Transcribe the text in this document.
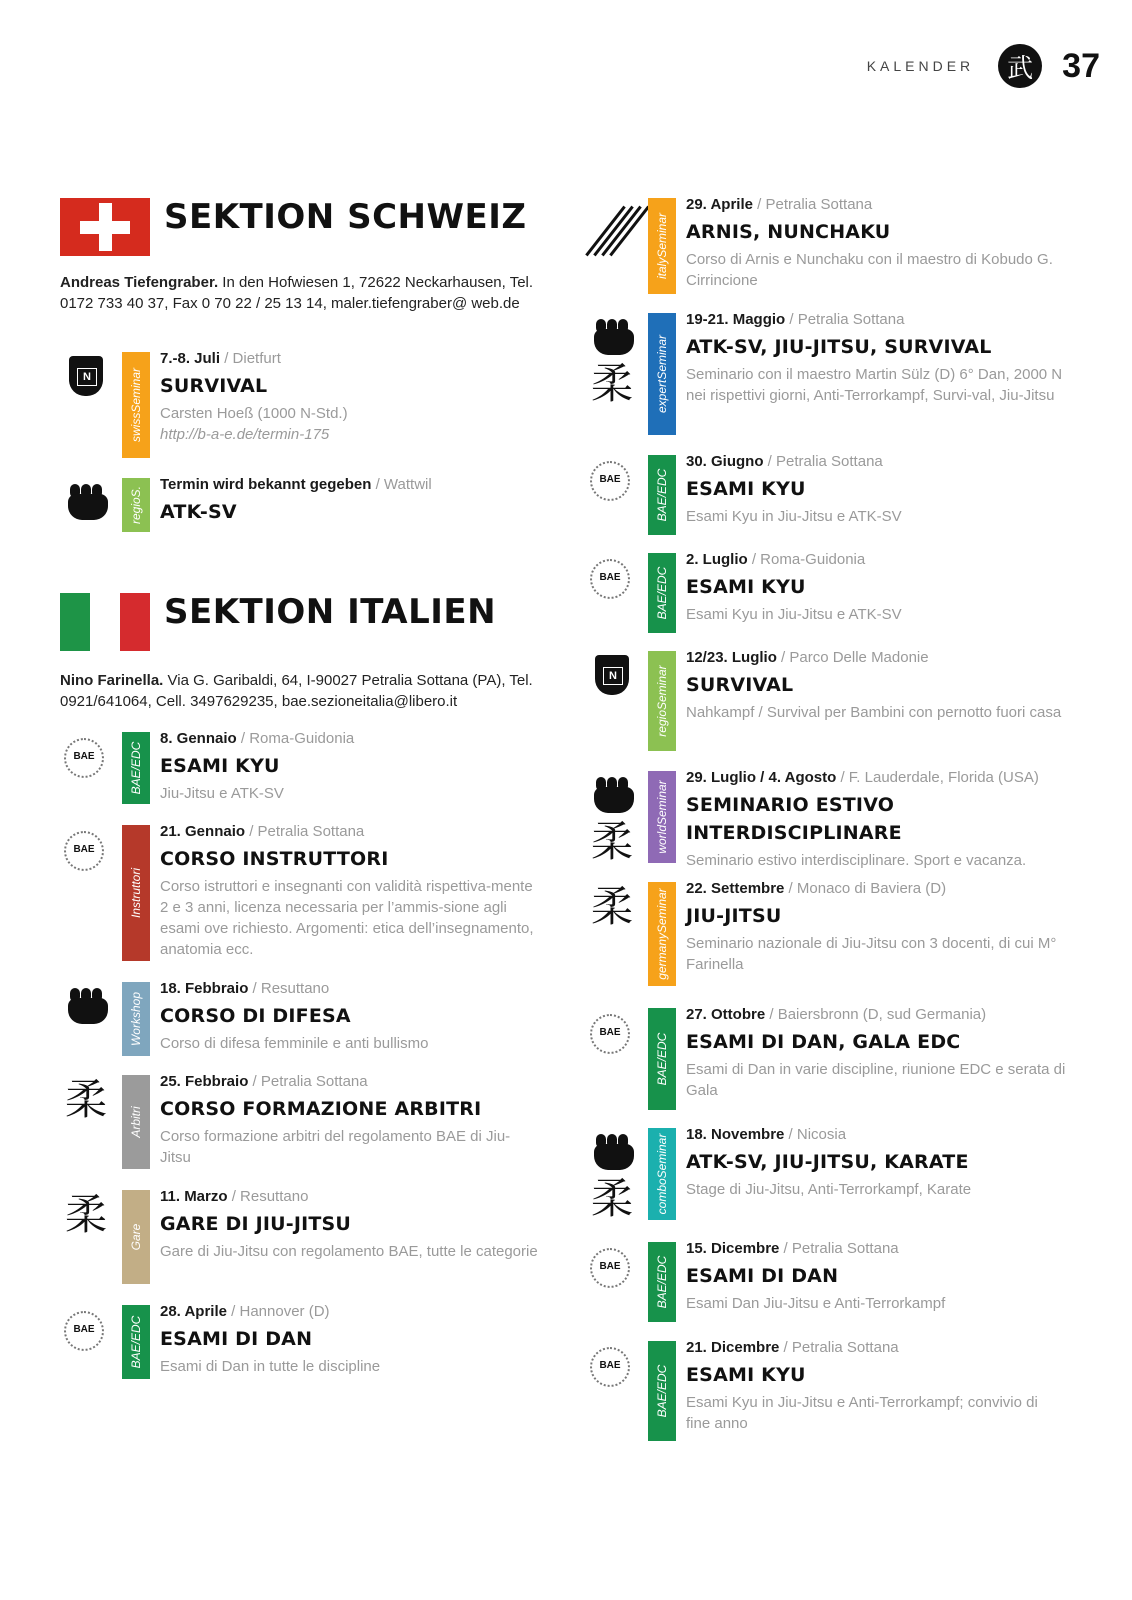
KALENDER	武 37
SEKTION SCHWEIZ
Andreas Tiefengraber. In den Hofwiesen 1, 72622 Neckarhausen, Tel. 0172 733 40 37, Fax 0 70 22 / 25 13 14, maler.tiefengraber@ web.de
N	swissSeminar
7.-8. Juli / Dietfurt
SURVIVAL
Carsten Hoeß (1000 N-Std.)
http://b-a-e.de/termin-175
regioS.
Termin wird bekannt gegeben / Wattwil
ATK-SV
SEKTION ITALIEN
Nino Farinella. Via G. Garibaldi, 64, I-90027 Petralia Sottana (PA), Tel. 0921/641064, Cell. 3497629235, bae.sezioneitalia@libero.it
BAE	BAE/EDC
8. Gennaio / Roma-Guidonia
ESAMI KYU
Jiu-Jitsu e ATK-SV
BAE
Instruttori
21. Gennaio / Petralia Sottana
CORSO INSTRUTTORI
Corso istruttori e insegnanti con validità rispettiva-mente 2 e 3 anni, licenza necessaria per l’ammis-sione agli esami ove richiesto. Argomenti: etica dell’insegnamento, anatomia ecc.
Workshop
18. Febbraio / Resuttano
CORSO DI DIFESA
Corso di difesa femminile e anti bullismo
柔	Arbitri
25. Febbraio / Petralia Sottana
CORSO FORMAZIONE ARBITRI
Corso formazione arbitri del regolamento BAE di Jiu-Jitsu
柔	Gare
11. Marzo / Resuttano
GARE DI JIU-JITSU
Gare di Jiu-Jitsu con regolamento BAE, tutte le categorie
BAE	BAE/EDC
28. Aprile / Hannover (D)
ESAMI DI DAN
Esami di Dan in tutte le discipline
italySeminar
29. Aprile / Petralia Sottana
ARNIS, NUNCHAKU
Corso di Arnis e Nunchaku con il maestro di Kobudo G. Cirrincione
柔	expertSeminar
19-21. Maggio / Petralia Sottana
ATK-SV, JIU-JITSU, SURVIVAL
Seminario con il maestro Martin Sülz (D) 6° Dan, 2000 N nei rispettivi giorni, Anti-Terrorkampf, Survi-val, Jiu-Jitsu
BAE	BAE/EDC
30. Giugno / Petralia Sottana
ESAMI KYU
Esami Kyu in Jiu-Jitsu e ATK-SV
BAE	BAE/EDC
2. Luglio / Roma-Guidonia
ESAMI KYU
Esami Kyu in Jiu-Jitsu e ATK-SV
N	regioSeminar
12/23. Luglio / Parco Delle Madonie
SURVIVAL
Nahkampf / Survival per Bambini con pernotto fuori casa
柔	worldSeminar
29. Luglio / 4. Agosto / F. Lauderdale, Florida (USA)
SEMINARIO ESTIVO INTERDISCIPLINARE
Seminario estivo interdisciplinare. Sport e vacanza.
柔	germanySeminar 22. Settembre / Monaco di Baviera (D)
JIU-JITSU
Seminario nazionale di Jiu-Jitsu con 3 docenti, di cui M° Farinella
BAE
BAE/EDC
27. Ottobre / Baiersbronn (D, sud Germania)
ESAMI DI DAN, GALA EDC
Esami di Dan in varie discipline, riunione EDC e serata di Gala
柔	comboSeminar 18. Novembre / Nicosia
ATK-SV, JIU-JITSU, KARATE
Stage di Jiu-Jitsu, Anti-Terrorkampf, Karate
BAE	BAE/EDC
15. Dicembre / Petralia Sottana
ESAMI DI DAN
Esami Dan Jiu-Jitsu e Anti-Terrorkampf
BAE	BAE/EDC
21. Dicembre / Petralia Sottana
ESAMI KYU
Esami Kyu in Jiu-Jitsu e Anti-Terrorkampf; convivio di fine anno
